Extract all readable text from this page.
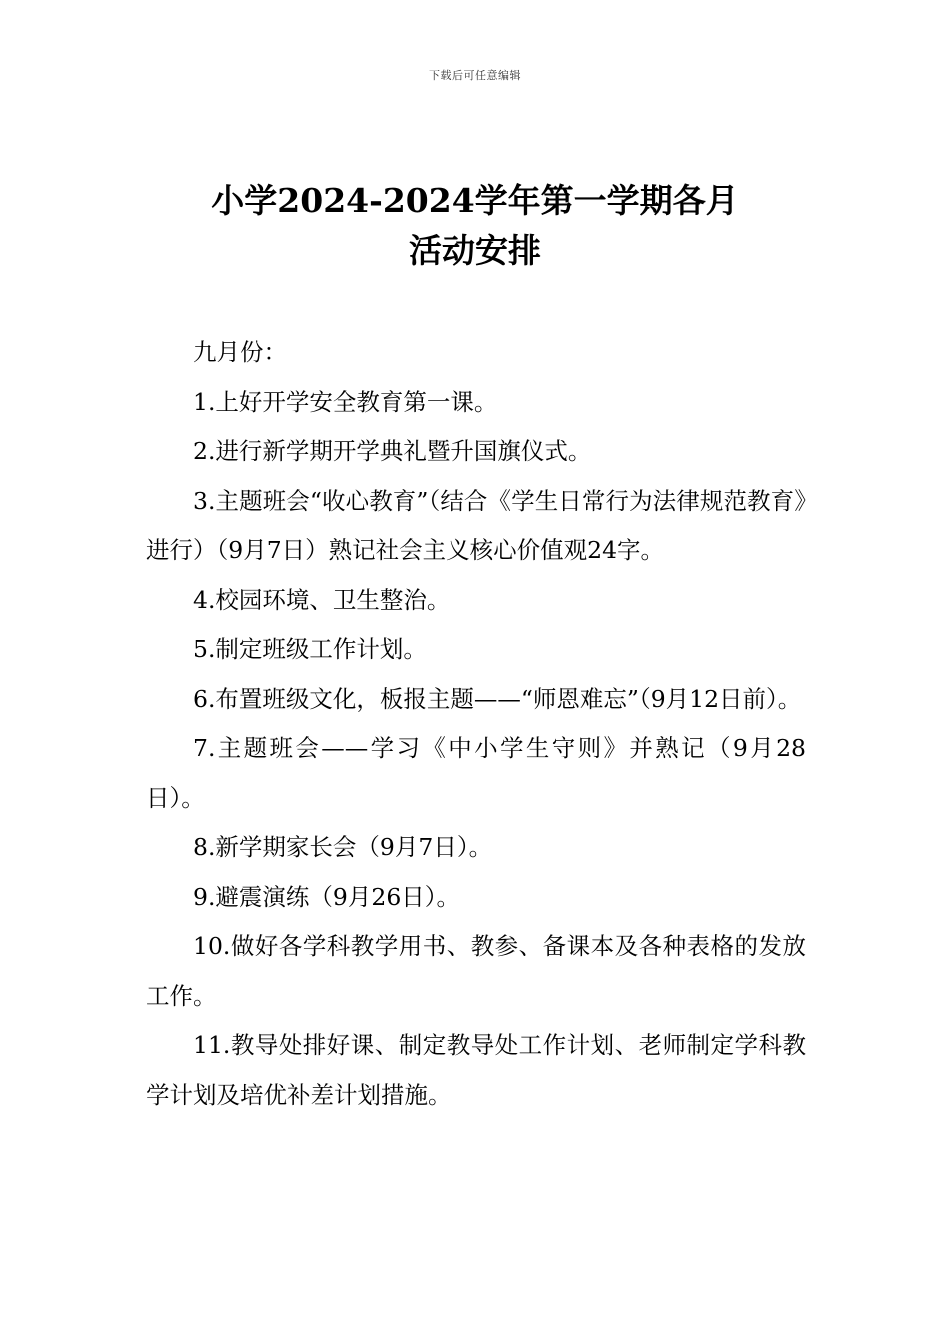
下载后可任意编辑
小学2024-2024学年第一学期各月
活动安排

九月份：

1.上好开学安全教育第一课。

2.进行新学期开学典礼暨升国旗仪式。

3.主题班会“收心教育”（结合《学生日常行为法律规范教育》进行）（9月7日）熟记社会主义核心价值观24字。

4.校园环境、卫生整治。

5.制定班级工作计划。

6.布置班级文化，板报主题——“师恩难忘”（9月12日前）。

7.主题班会——学习《中小学生守则》并熟记（9月28日）。

8.新学期家长会（9月7日）。

9.避震演练（9月26日）。

10.做好各学科教学用书、教参、备课本及各种表格的发放工作。

11.教导处排好课、制定教导处工作计划、老师制定学科教学计划及培优补差计划措施。
